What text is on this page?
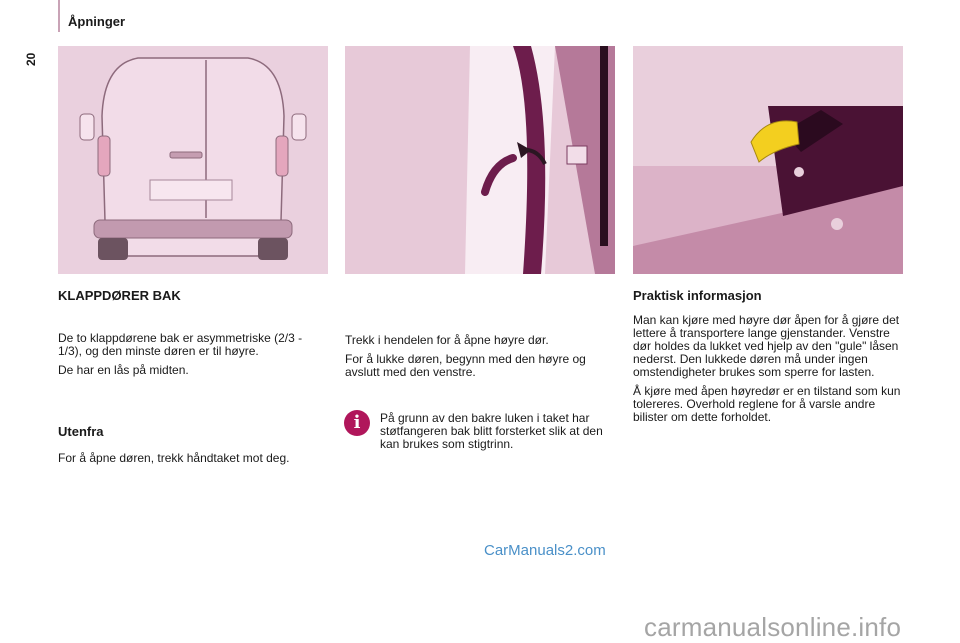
Åpninger
20
KLAPPDØRER BAK

De to klappdørene bak er asymmetriske (2/3 - 1/3), og den minste døren er til høyre.

De har en lås på midten.

Utenfra

For å åpne døren, trekk håndtaket mot deg.

Trekk i hendelen for å åpne høyre dør.

For å lukke døren, begynn med den høyre og avslutt med den venstre.

i	På grunn av den bakre luken i taket har støtfangeren bak blitt forsterket slik at den kan brukes som stigtrinn.

Praktisk informasjon

Man kan kjøre med høyre dør åpen for å gjøre det lettere å transportere lange gjenstander. Venstre dør holdes da lukket ved hjelp av den "gule" låsen nederst. Den lukkede døren må under ingen omstendigheter brukes som sperre for lasten.

Å kjøre med åpen høyredør er en tilstand som kun tolereres. Overhold reglene for å varsle andre bilister om dette forholdet.

CarManuals2.com
carmanualsonline.info
